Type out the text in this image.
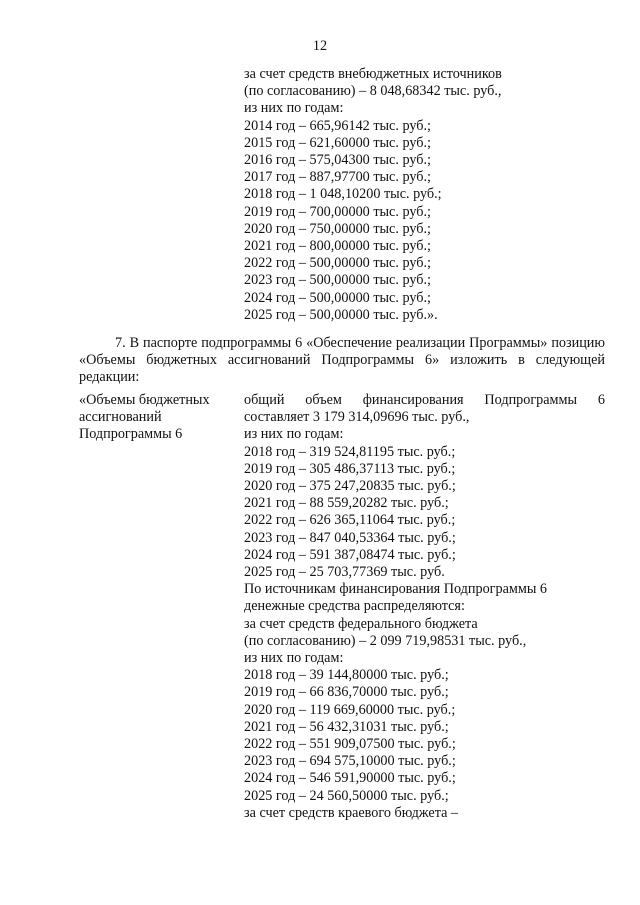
12
за счет средств внебюджетных источников
(по согласованию) – 8 048,68342 тыс. руб.,
из них по годам:
2014 год – 665,96142 тыс. руб.;
2015 год – 621,60000 тыс. руб.;
2016 год – 575,04300 тыс. руб.;
2017 год – 887,97700 тыс. руб.;
2018 год – 1 048,10200 тыс. руб.;
2019 год – 700,00000 тыс. руб.;
2020 год – 750,00000 тыс. руб.;
2021 год – 800,00000 тыс. руб.;
2022 год – 500,00000 тыс. руб.;
2023 год – 500,00000 тыс. руб.;
2024 год – 500,00000 тыс. руб.;
2025 год – 500,00000 тыс. руб.».
7. В паспорте подпрограммы 6 «Обеспечение реализации Программы» позицию «Объемы бюджетных ассигнований Подпрограммы 6» изложить в следующей редакции:
«Объемы бюджетных
ассигнований
Подпрограммы 6
общий объем финансирования Подпрограммы 6
составляет 3 179 314,09696 тыс. руб.,
из них по годам:
2018 год – 319 524,81195 тыс. руб.;
2019 год – 305 486,37113 тыс. руб.;
2020 год – 375 247,20835 тыс. руб.;
2021 год – 88 559,20282 тыс. руб.;
2022 год – 626 365,11064 тыс. руб.;
2023 год – 847 040,53364 тыс. руб.;
2024 год – 591 387,08474 тыс. руб.;
2025 год – 25 703,77369 тыс. руб.
По источникам финансирования Подпрограммы 6
денежные средства распределяются:
за счет средств федерального бюджета
(по согласованию) – 2 099 719,98531 тыс. руб.,
из них по годам:
2018 год – 39 144,80000 тыс. руб.;
2019 год – 66 836,70000 тыс. руб.;
2020 год – 119 669,60000 тыс. руб.;
2021 год – 56 432,31031 тыс. руб.;
2022 год – 551 909,07500 тыс. руб.;
2023 год – 694 575,10000 тыс. руб.;
2024 год – 546 591,90000 тыс. руб.;
2025 год – 24 560,50000 тыс. руб.;
за счет средств краевого бюджета –
